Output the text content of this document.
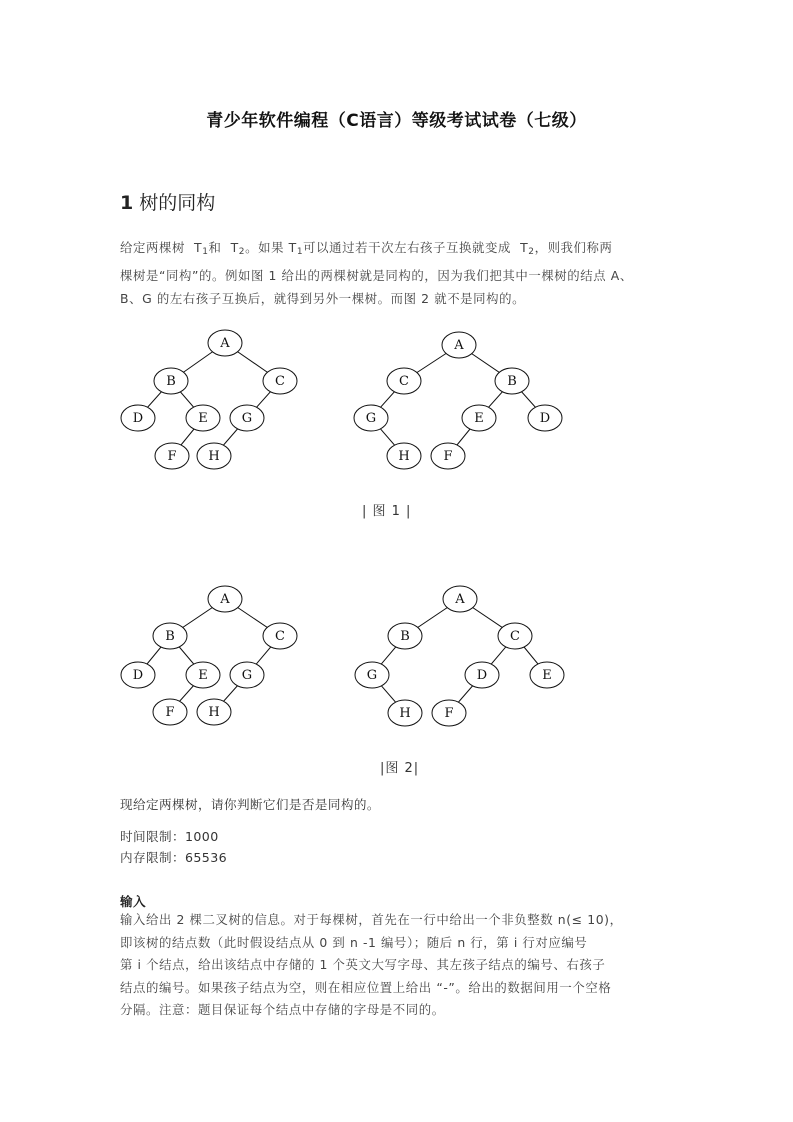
青少年软件编程（C语言）等级考试试卷（七级）
1 树的同构
给定两棵树 $T_1$和 $T_2$。如果 $T_1$可以通过若干次左右孩子互换就变成 $T_2$，则我们称两
棵树是“同构”的。例如图 1 给出的两棵树就是同构的，因为我们把其中一棵树的结点 A、
B、G 的左右孩子互换后，就得到另外一棵树。而图 2 就不是同构的。
A
B	C
D	E	G
F H
A
C	B
G	E	D
H	F
| 图 1 |
A
B	C
D	E	G
F	H
A
B	C
G	D	E
H	F
|图 2|
现给定两棵树，请你判断它们是否是同构的。
时间限制：1000
内存限制：65536
输入
输入给出 2 棵二叉树的信息。对于每棵树，首先在一行中给出一个非负整数 n(≤ 10)，
即该树的结点数（此时假设结点从 0 到 n -1 编号）；随后 n 行，第 i 行对应编号
第 i 个结点，给出该结点中存储的 1 个英文大写字母、其左孩子结点的编号、右孩子
结点的编号。如果孩子结点为空，则在相应位置上给出 “-”。给出的数据间用一个空格
分隔。注意：题目保证每个结点中存储的字母是不同的。
